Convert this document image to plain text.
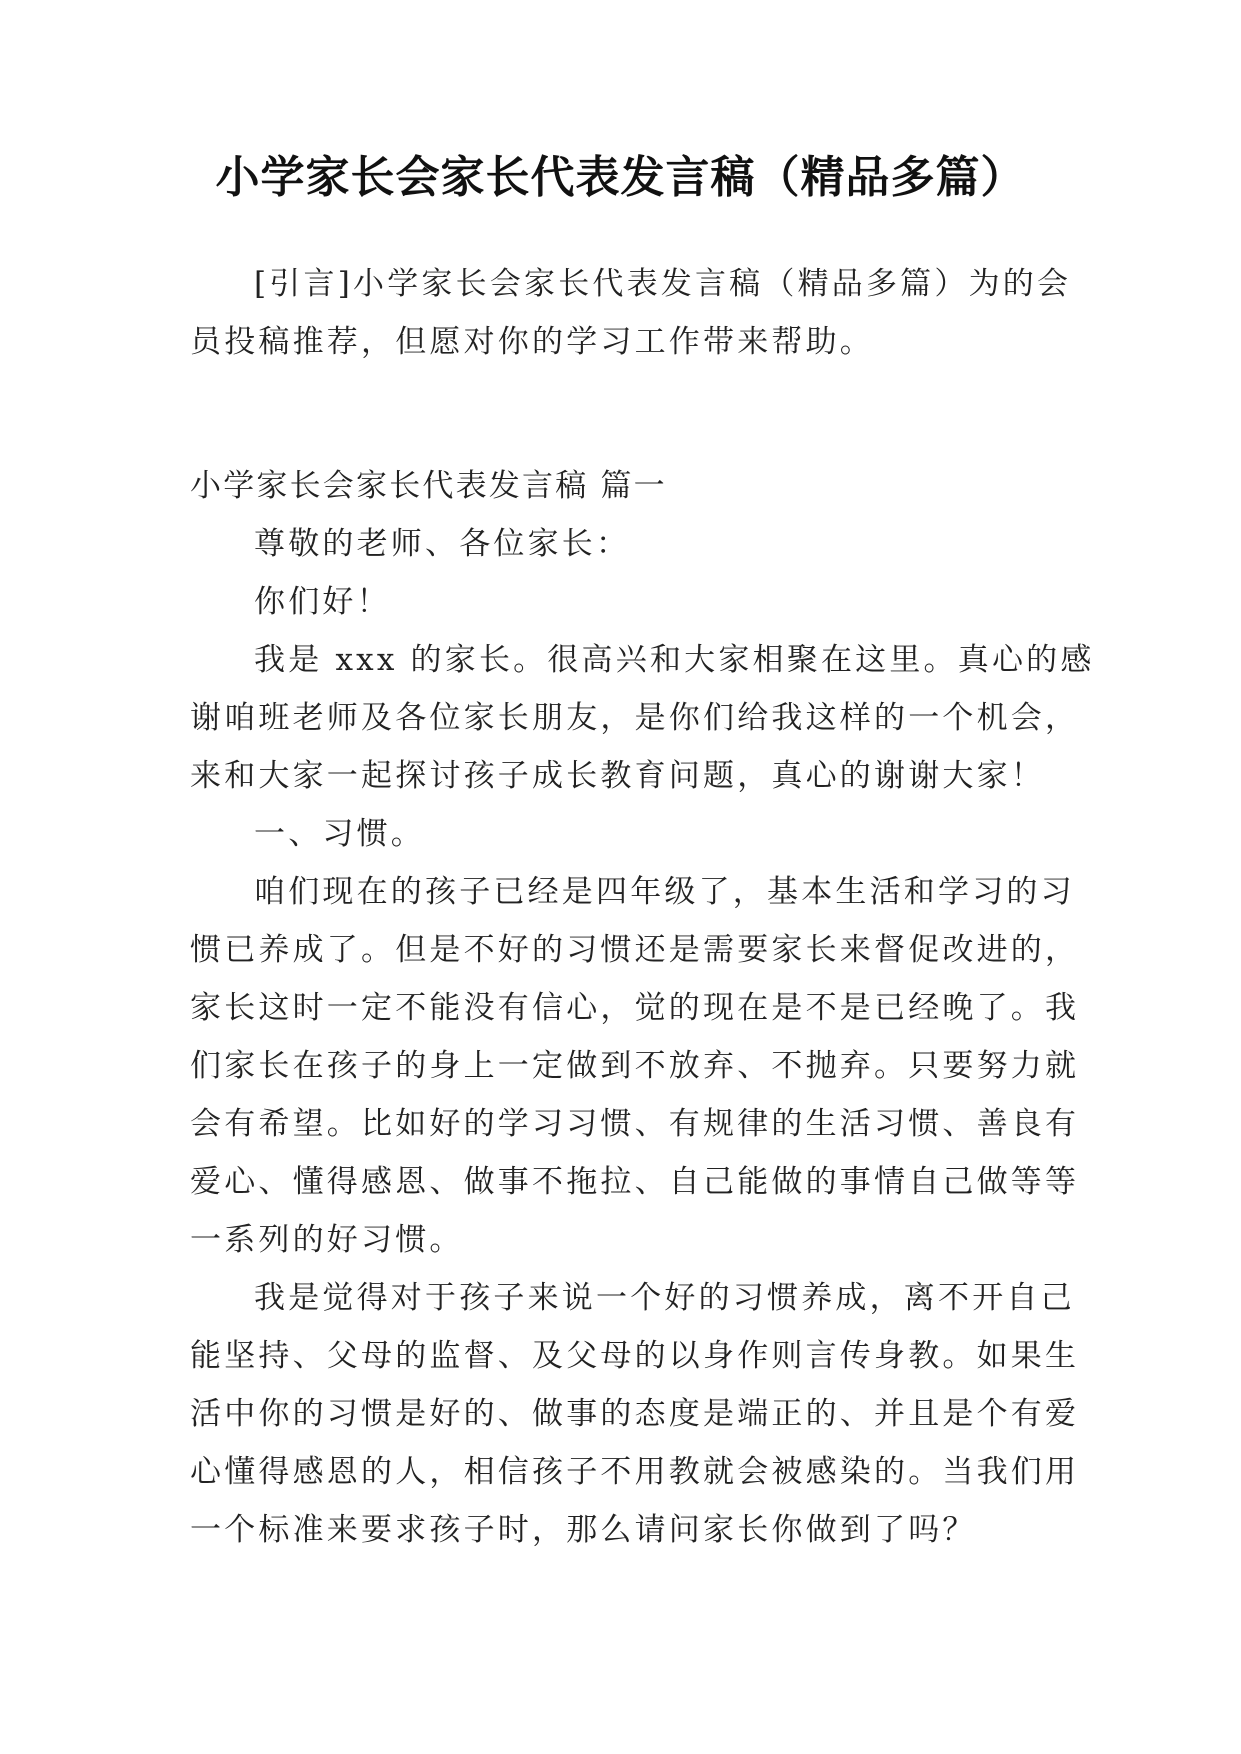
小学家长会家长代表发言稿（精品多篇）
[引言]小学家长会家长代表发言稿（精品多篇）为的会
员投稿推荐，但愿对你的学习工作带来帮助。
小学家长会家长代表发言稿 篇一
尊敬的老师、各位家长：
你们好！
我是 xxx 的家长。很高兴和大家相聚在这里。真心的感
谢咱班老师及各位家长朋友，是你们给我这样的一个机会，
来和大家一起探讨孩子成长教育问题，真心的谢谢大家！
一、习惯。
咱们现在的孩子已经是四年级了，基本生活和学习的习
惯已养成了。但是不好的习惯还是需要家长来督促改进的，
家长这时一定不能没有信心，觉的现在是不是已经晚了。我
们家长在孩子的身上一定做到不放弃、不抛弃。只要努力就
会有希望。比如好的学习习惯、有规律的生活习惯、善良有
爱心、懂得感恩、做事不拖拉、自己能做的事情自己做等等
一系列的好习惯。
我是觉得对于孩子来说一个好的习惯养成，离不开自己
能坚持、父母的监督、及父母的以身作则言传身教。如果生
活中你的习惯是好的、做事的态度是端正的、并且是个有爱
心懂得感恩的人，相信孩子不用教就会被感染的。当我们用
一个标准来要求孩子时，那么请问家长你做到了吗？
